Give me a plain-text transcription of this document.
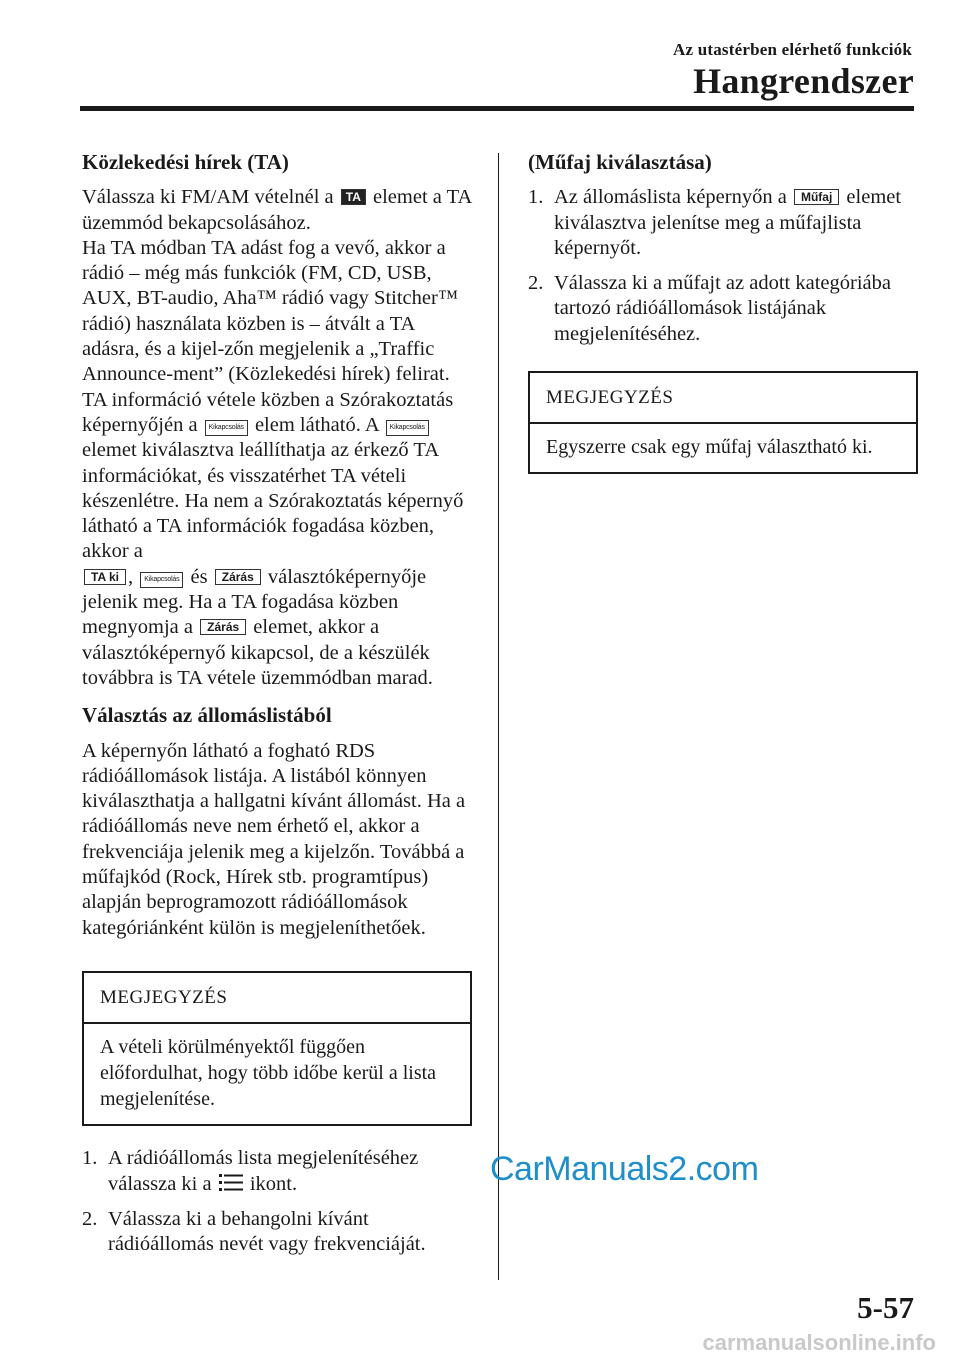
Az utastérben elérhető funkciók
Hangrendszer

Közlekedési hírek (TA)

Válassza ki FM/AM vételnél a TA elemet a TA üzemmód bekapcsolásához.

Ha TA módban TA adást fog a vevő, akkor a rádió – még más funkciók (FM, CD, USB, AUX, BT-audio, Aha™ rádió vagy Stitcher™ rádió) használata közben is – átvált a TA adásra, és a kijel-zőn megjelenik a „Traffic Announce-ment” (Közlekedési hírek) felirat.

TA információ vétele közben a Szórakoztatás képernyőjén a Kikapcsolás elem látható. A Kikapcsolás elemet kiválasztva leállíthatja az érkező TA információkat, és visszatérhet TA vételi készenlétre. Ha nem a Szórakoztatás képernyő látható a TA információk fogadása közben, akkor a
TA ki , Kikapcsolás és Zárás választóképernyője jelenik meg. Ha a TA fogadása közben megnyomja a Zárás elemet, akkor a választóképernyő kikapcsol, de a készülék továbbra is TA vétele üzemmódban marad.

Választás az állomáslistából

A képernyőn látható a fogható RDS rádióállomások listája. A listából könnyen kiválaszthatja a hallgatni kívánt állomást. Ha a rádióállomás neve nem érhető el, akkor a frekvenciája jelenik meg a kijelzőn. Továbbá a műfajkód (Rock, Hírek stb. programtípus) alapján beprogramozott rádióállomások kategóriánként külön is megjeleníthetőek.

MEGJEGYZÉS
A vételi körülményektől függően előfordulhat, hogy több időbe kerül a lista megjelenítése.
1. A rádióállomás lista megjelenítéséhez válassza ki a ikont.
2. Válassza ki a behangolni kívánt rádióállomás nevét vagy frekvenciáját.

(Műfaj kiválasztása)

1. Az állomáslista képernyőn a Műfaj elemet kiválasztva jelenítse meg a műfajlista képernyőt.
2. Válassza ki a műfajt az adott kategóriába tartozó rádióállomások listájának megjelenítéséhez.
MEGJEGYZÉS
Egyszerre csak egy műfaj választható ki.
CarManuals2.com
5-57
carmanualsonline.info
